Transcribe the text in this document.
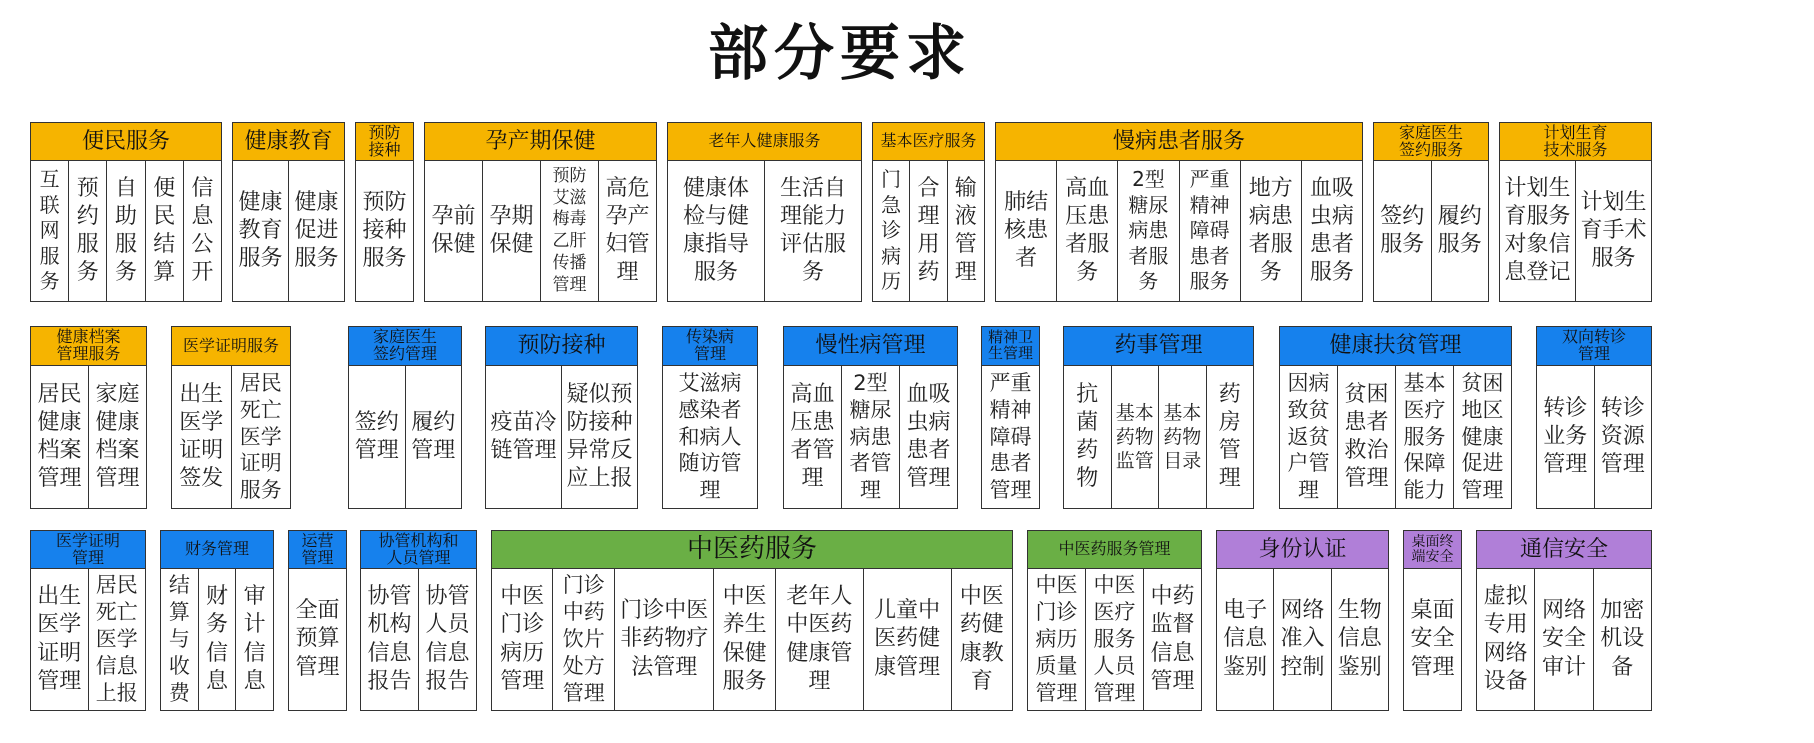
部分要求
便民服务
互联网服务
预约服务
自助服务
便民结算
信息公开
健康教育
健康教育服务
健康促进服务
预防
接种
预防接种服务
孕产期保健
孕前保健
孕期保健
预防艾滋梅毒乙肝传播管理
高危孕产妇管理
老年人健康服务
健康体检与健康指导服务
生活自理能力评估服务
基本医疗服务
门急诊病历
合理用药
输液管理
慢病患者服务
肺结核患者
高血压患者服务
2型糖尿病患者服务
严重精神障碍患者服务
地方病患者服务
血吸虫病患者服务
家庭医生
签约服务
签约服务
履约服务
计划生育
技术服务
计划生育服务对象信息登记
计划生育手术服务
健康档案
管理服务
居民健康档案管理
家庭健康档案管理
医学证明服务
出生医学证明签发
居民死亡医学证明服务
家庭医生
签约管理
签约管理
履约管理
预防接种
疫苗冷链管理
疑似预防接种异常反应上报
传染病
管理
艾滋病感染者和病人随访管理
慢性病管理
高血压患者管理
2型糖尿病患者管理
血吸虫病患者管理
精神卫
生管理
严重精神障碍患者管理
药事管理
抗菌药物
基本药物监管
基本药物目录
药房管理
健康扶贫管理
因病致贫返贫户管理
贫困患者救治管理
基本医疗服务保障能力
贫困地区健康促进管理
双向转诊
管理
转诊业务管理
转诊资源管理
医学证明
管理
出生医学证明管理
居民死亡医学信息上报
财务管理
结算与收费
财务信息
审计信息
运营
管理
全面预算管理
协管机构和
人员管理
协管机构信息报告
协管人员信息报告
中医药服务
中医门诊病历管理
门诊中药饮片处方管理
门诊中医非药物疗法管理
中医养生保健服务
老年人中医药健康管理
儿童中医药健康管理
中医药健康教育
中医药服务管理
中医门诊病历质量管理
中医医疗服务人员管理
中药监督信息管理
身份认证
电子信息鉴别
网络准入控制
生物信息鉴别
桌面终
端安全
桌面安全管理
通信安全
虚拟专用网络设备
网络安全审计
加密机设备
